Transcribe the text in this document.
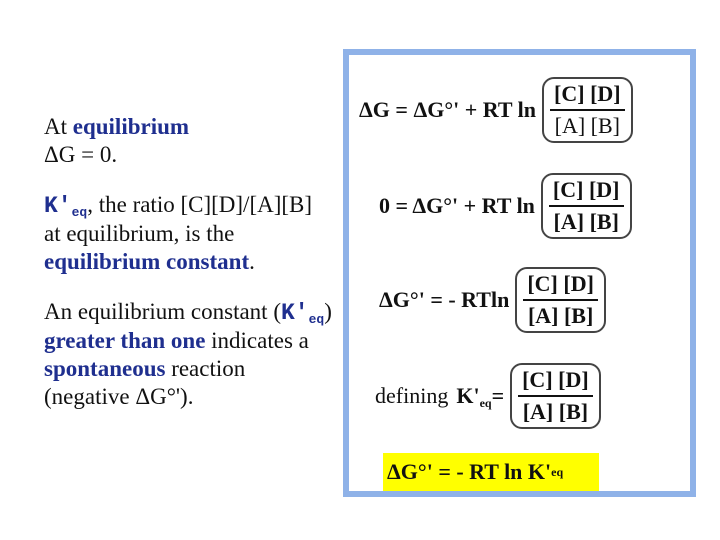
At equilibrium
ΔG = 0.

$K'_{eq}$, the ratio [C][D]/[A][B] at equilibrium, is the equilibrium constant.

An equilibrium constant $(K'_{eq})$ greater than one indicates a spontaneous reaction (negative ΔG°').

ΔG = ΔG°' + RT $\ln \frac{[C] [D]}{[A] [B]}$
0 = ΔG°' + RT $\ln \frac{[C] [D]}{[A] [B]}$
ΔG°' = - RTln $\frac{[C] [D]}{[A] [B]}$
defining $K'eq = \frac{[C] [D]}{[A] [B]}$
ΔG°' = - RT ln K' eq
